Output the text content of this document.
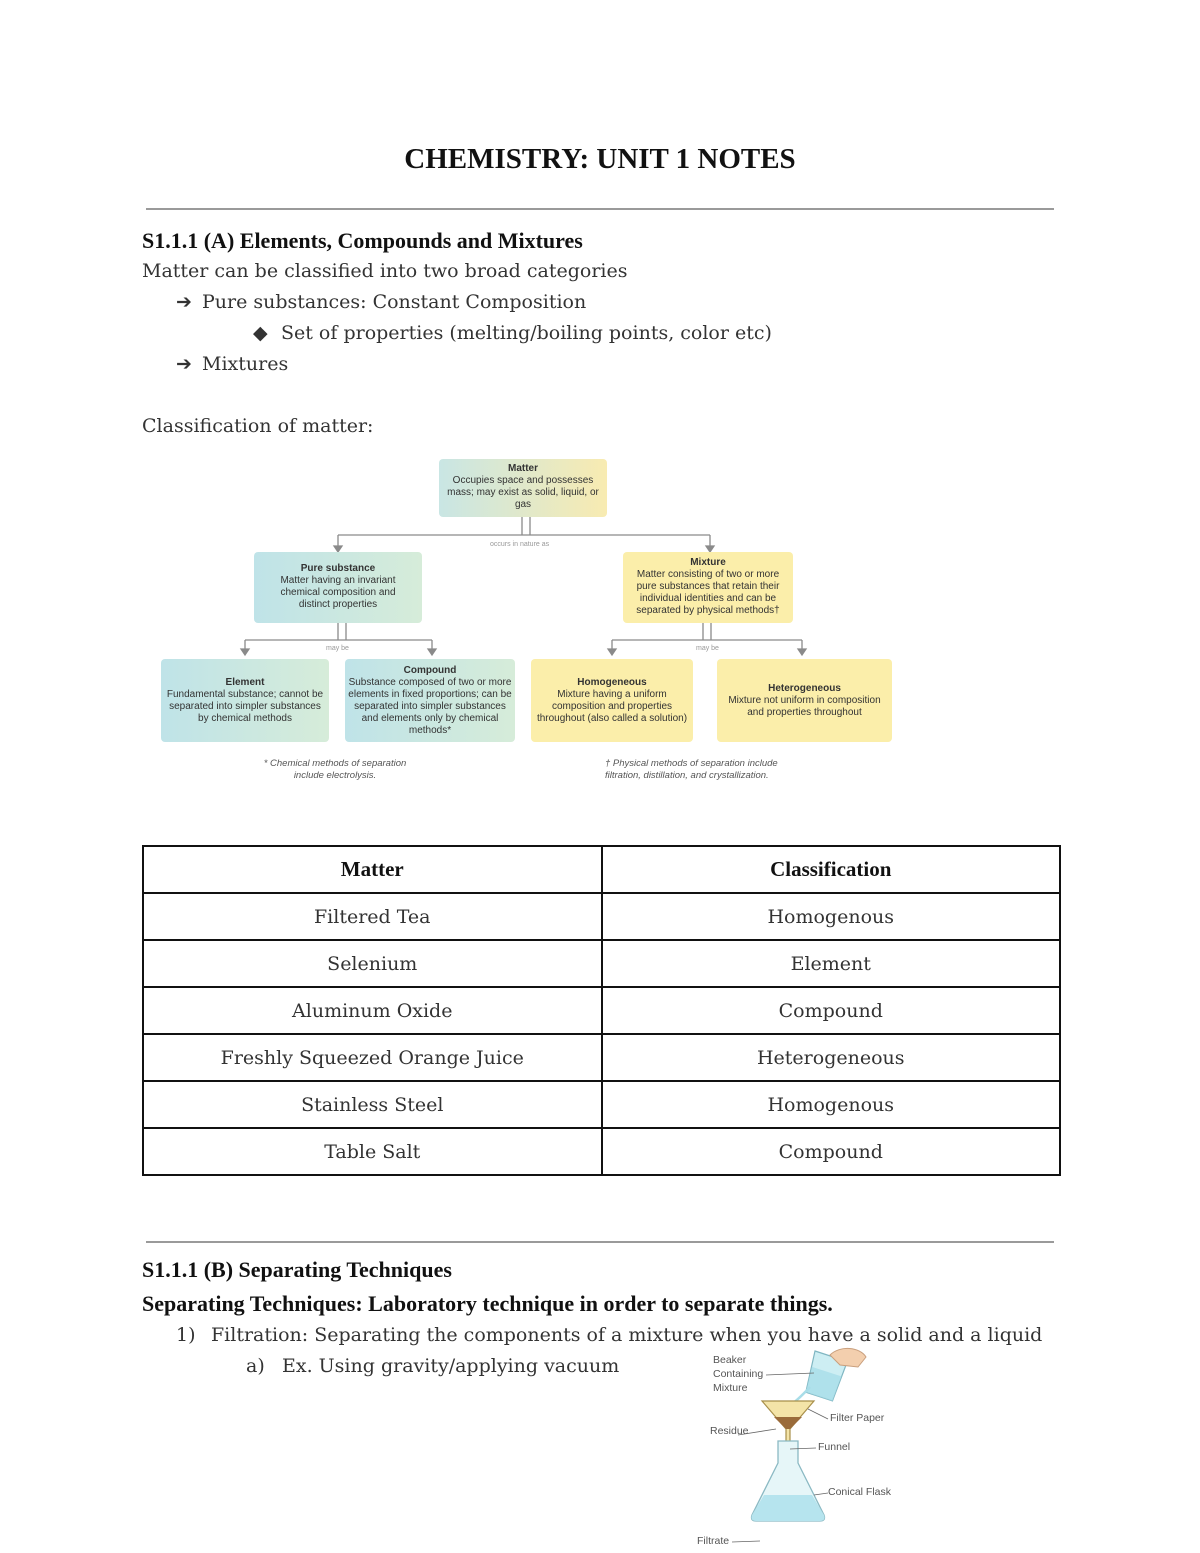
CHEMISTRY: UNIT 1 NOTES
S1.1.1 (A) Elements, Compounds and Mixtures
Matter can be classified into two broad categories
➔ Pure substances: Constant Composition
◆ Set of properties (melting/boiling points, color etc)
➔ Mixtures
Classification of matter:
occurs in nature as
may be	may be
Matter
Occupies space and possesses mass; may exist as solid, liquid, or gas
Pure substance
Matter having an invariant chemical composition and distinct properties
Mixture
Matter consisting of two or more pure substances that retain their individual identities and can be separated by physical methods†
Element
Fundamental substance; cannot be separated into simpler substances by chemical methods
Compound
Substance composed of two or more elements in fixed proportions; can be separated into simpler substances and elements only by chemical methods*
Homogeneous
Mixture having a uniform composition and properties throughout (also called a solution)
Heterogeneous
Mixture not uniform in composition and properties throughout
* Chemical methods of separation include electrolysis.
† Physical methods of separation include filtration, distillation, and crystallization.
Matter	Classification
Filtered Tea	Homogenous
Selenium	Element
Aluminum Oxide	Compound
Freshly Squeezed Orange Juice	Heterogeneous
Stainless Steel	Homogenous
Table Salt	Compound
S1.1.1 (B) Separating Techniques
Separating Techniques: Laboratory technique in order to separate things.
1) Filtration: Separating the components of a mixture when you have a solid and a liquid
a) Ex. Using gravity/applying vacuum	Beaker
Containing
Mixture
Filter Paper
Residue
Funnel
Conical Flask
Filtrate
